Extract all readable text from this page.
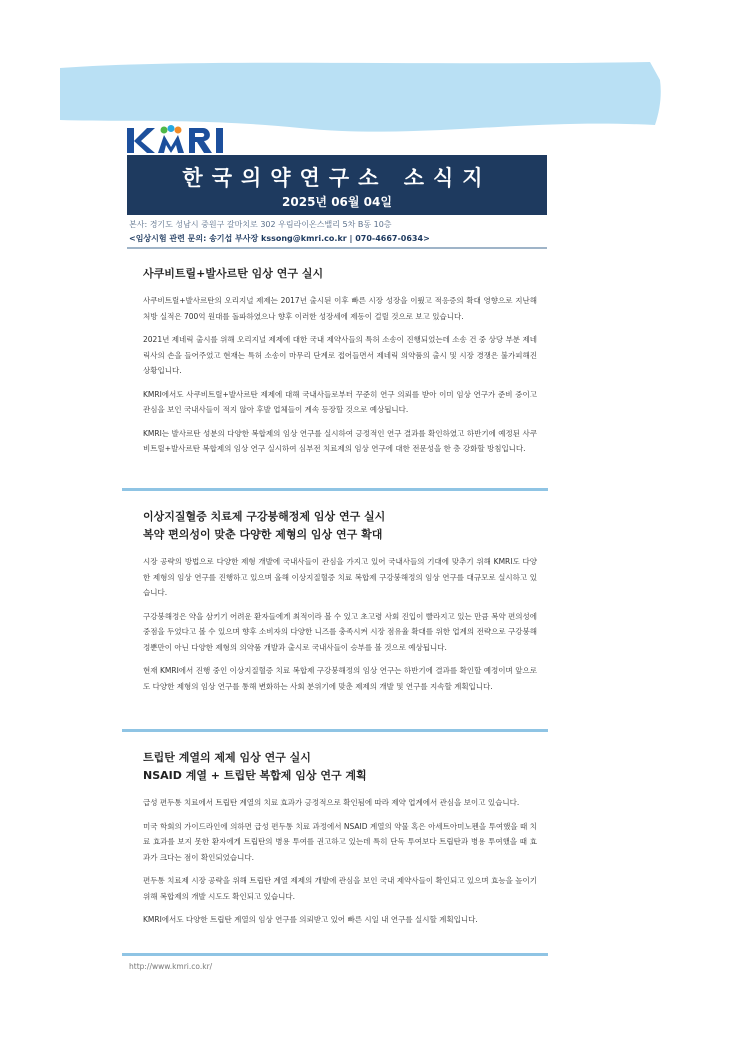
한국의약연구소 소식지
2025년 06월 04일
본사: 경기도 성남시 중원구 갈마치로 302 우림라이온스밸리 5차 B동 10층
<임상시험 관련 문의: 송기섭 부사장 kssong@kmri.co.kr | 070-4667-0634>
사쿠비트릴+발사르탄 임상 연구 실시

사쿠비트릴+발사르탄의 오리지널 제제는 2017년 출시된 이후 빠른 시장 성장을 이뤘고 적응증의 확대 영향으로 지난해 처방 실적은 700억 원대를 돌파하였으나 향후 이러한 성장세에 제동이 걸릴 것으로 보고 있습니다.

2021년 제네릭 출시를 위해 오리지널 제제에 대한 국내 제약사들의 특허 소송이 진행되었는데 소송 건 중 상당 부분 제네릭사의 손을 들어주었고 현재는 특허 소송이 마무리 단계로 접어들면서 제네릭 의약품의 출시 및 시장 경쟁은 불가피해진 상황입니다.

KMRI에서도 사쿠비트릴+발사르탄 제제에 대해 국내사들로부터 꾸준히 연구 의뢰를 받아 이미 임상 연구가 준비 중이고 관심을 보인 국내사들이 적지 않아 후발 업체들이 계속 등장할 것으로 예상됩니다.

KMRI는 발사르탄 성분의 다양한 복합제의 임상 연구를 실시하여 긍정적인 연구 결과를 확인하였고 하반기에 예정된 사쿠비트릴+발사르탄 복합제의 임상 연구 실시하여 심부전 치료제의 임상 연구에 대한 전문성을 한 층 강화할 방침입니다.

이상지질혈증 치료제 구강붕해정제 임상 연구 실시
복약 편의성이 맞춘 다양한 제형의 임상 연구 확대

시장 공략의 방법으로 다양한 제형 개발에 국내사들이 관심을 가지고 있어 국내사들의 기대에 맞추기 위해 KMRI도 다양한 제형의 임상 연구를 진행하고 있으며 올해 이상지질혈증 치료 복합제 구강붕해정의 임상 연구를 대규모로 실시하고 있습니다.

구강붕해정은 약을 삼키기 어려운 환자들에게 최적이라 볼 수 있고 초고령 사회 진입이 빨라지고 있는 만큼 복약 편의성에 중점을 두었다고 볼 수 있으며 향후 소비자의 다양한 니즈를 충족시켜 시장 점유율 확대를 위한 업계의 전략으로 구강붕해정뿐만이 아닌 다양한 제형의 의약품 개발과 출시로 국내사들이 승부를 볼 것으로 예상됩니다.

현재 KMRI에서 진행 중인 이상지질혈증 치료 복합제 구강붕해정의 임상 연구는 하반기에 결과를 확인할 예정이며 앞으로도 다양한 제형의 임상 연구를 통해 변화하는 사회 분위기에 맞춘 제제의 개발 및 연구를 지속할 계획입니다.

트립탄 계열의 제제 임상 연구 실시
NSAID 계열 + 트립탄 복합제 임상 연구 계획

급성 편두통 치료에서 트립탄 계열의 치료 효과가 긍정적으로 확인됨에 따라 제약 업계에서 관심을 보이고 있습니다.

미국 학회의 가이드라인에 의하면 급성 편두통 치료 과정에서 NSAID 계열의 약물 혹은 아세트아미노펜을 투여했을 때 치료 효과를 보지 못한 환자에게 트립탄의 병용 투여를 권고하고 있는데 특히 단독 투여보다 트립탄과 병용 투여했을 때 효과가 크다는 점이 확인되었습니다.

편두통 치료제 시장 공략을 위해 트립탄 계열 제제의 개발에 관심을 보인 국내 제약사들이 확인되고 있으며 효능을 높이기 위해 복합제의 개발 시도도 확인되고 있습니다.

KMRI에서도 다양한 트립탄 계열의 임상 연구를 의뢰받고 있어 빠른 시일 내 연구를 실시할 계획입니다.

http://www.kmri.co.kr/
